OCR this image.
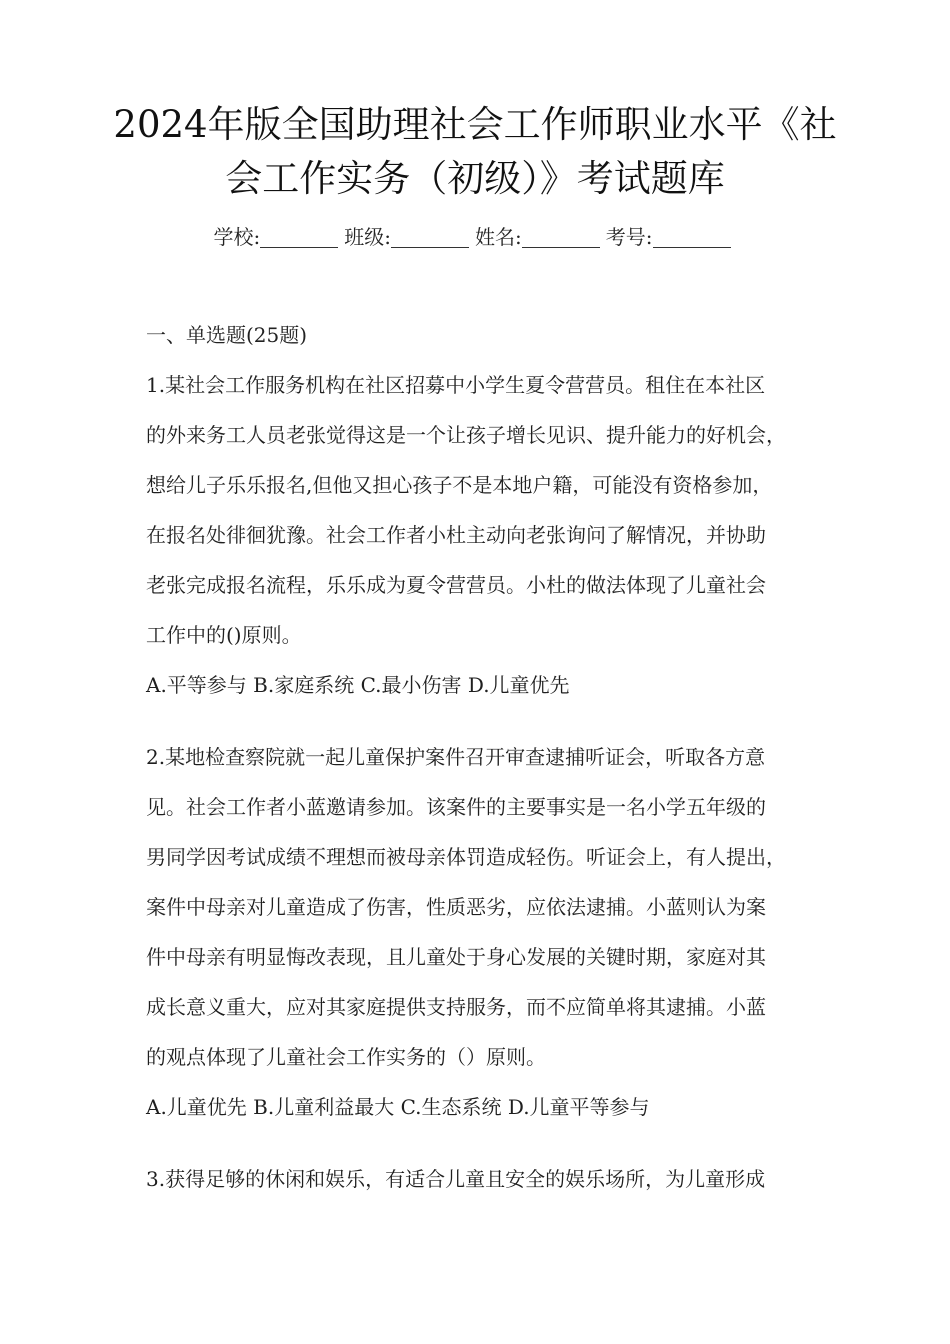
2024年版全国助理社会工作师职业水平《社
会工作实务（初级）》考试题库
学校:	班级:	姓名:	考号:
一、单选题(25题)
1.某社会工作服务机构在社区招募中小学生夏令营营员。租住在本社区
的外来务工人员老张觉得这是一个让孩子增长见识、提升能力的好机会，
想给儿子乐乐报名,但他又担心孩子不是本地户籍，可能没有资格参加，
在报名处徘徊犹豫。社会工作者小杜主动向老张询问了解情况，并协助
老张完成报名流程，乐乐成为夏令营营员。小杜的做法体现了儿童社会
工作中的()原则。
A.平等参与 B.家庭系统 C.最小伤害 D.儿童优先
2.某地检查察院就一起儿童保护案件召开审查逮捕听证会，听取各方意
见。社会工作者小蓝邀请参加。该案件的主要事实是一名小学五年级的
男同学因考试成绩不理想而被母亲体罚造成轻伤。听证会上，有人提出，
案件中母亲对儿童造成了伤害，性质恶劣，应依法逮捕。小蓝则认为案
件中母亲有明显悔改表现，且儿童处于身心发展的关键时期，家庭对其
成长意义重大，应对其家庭提供支持服务，而不应简单将其逮捕。小蓝
的观点体现了儿童社会工作实务的（）原则。
A.儿童优先 B.儿童利益最大 C.生态系统 D.儿童平等参与
3.获得足够的休闲和娱乐，有适合儿童且安全的娱乐场所，为儿童形成
